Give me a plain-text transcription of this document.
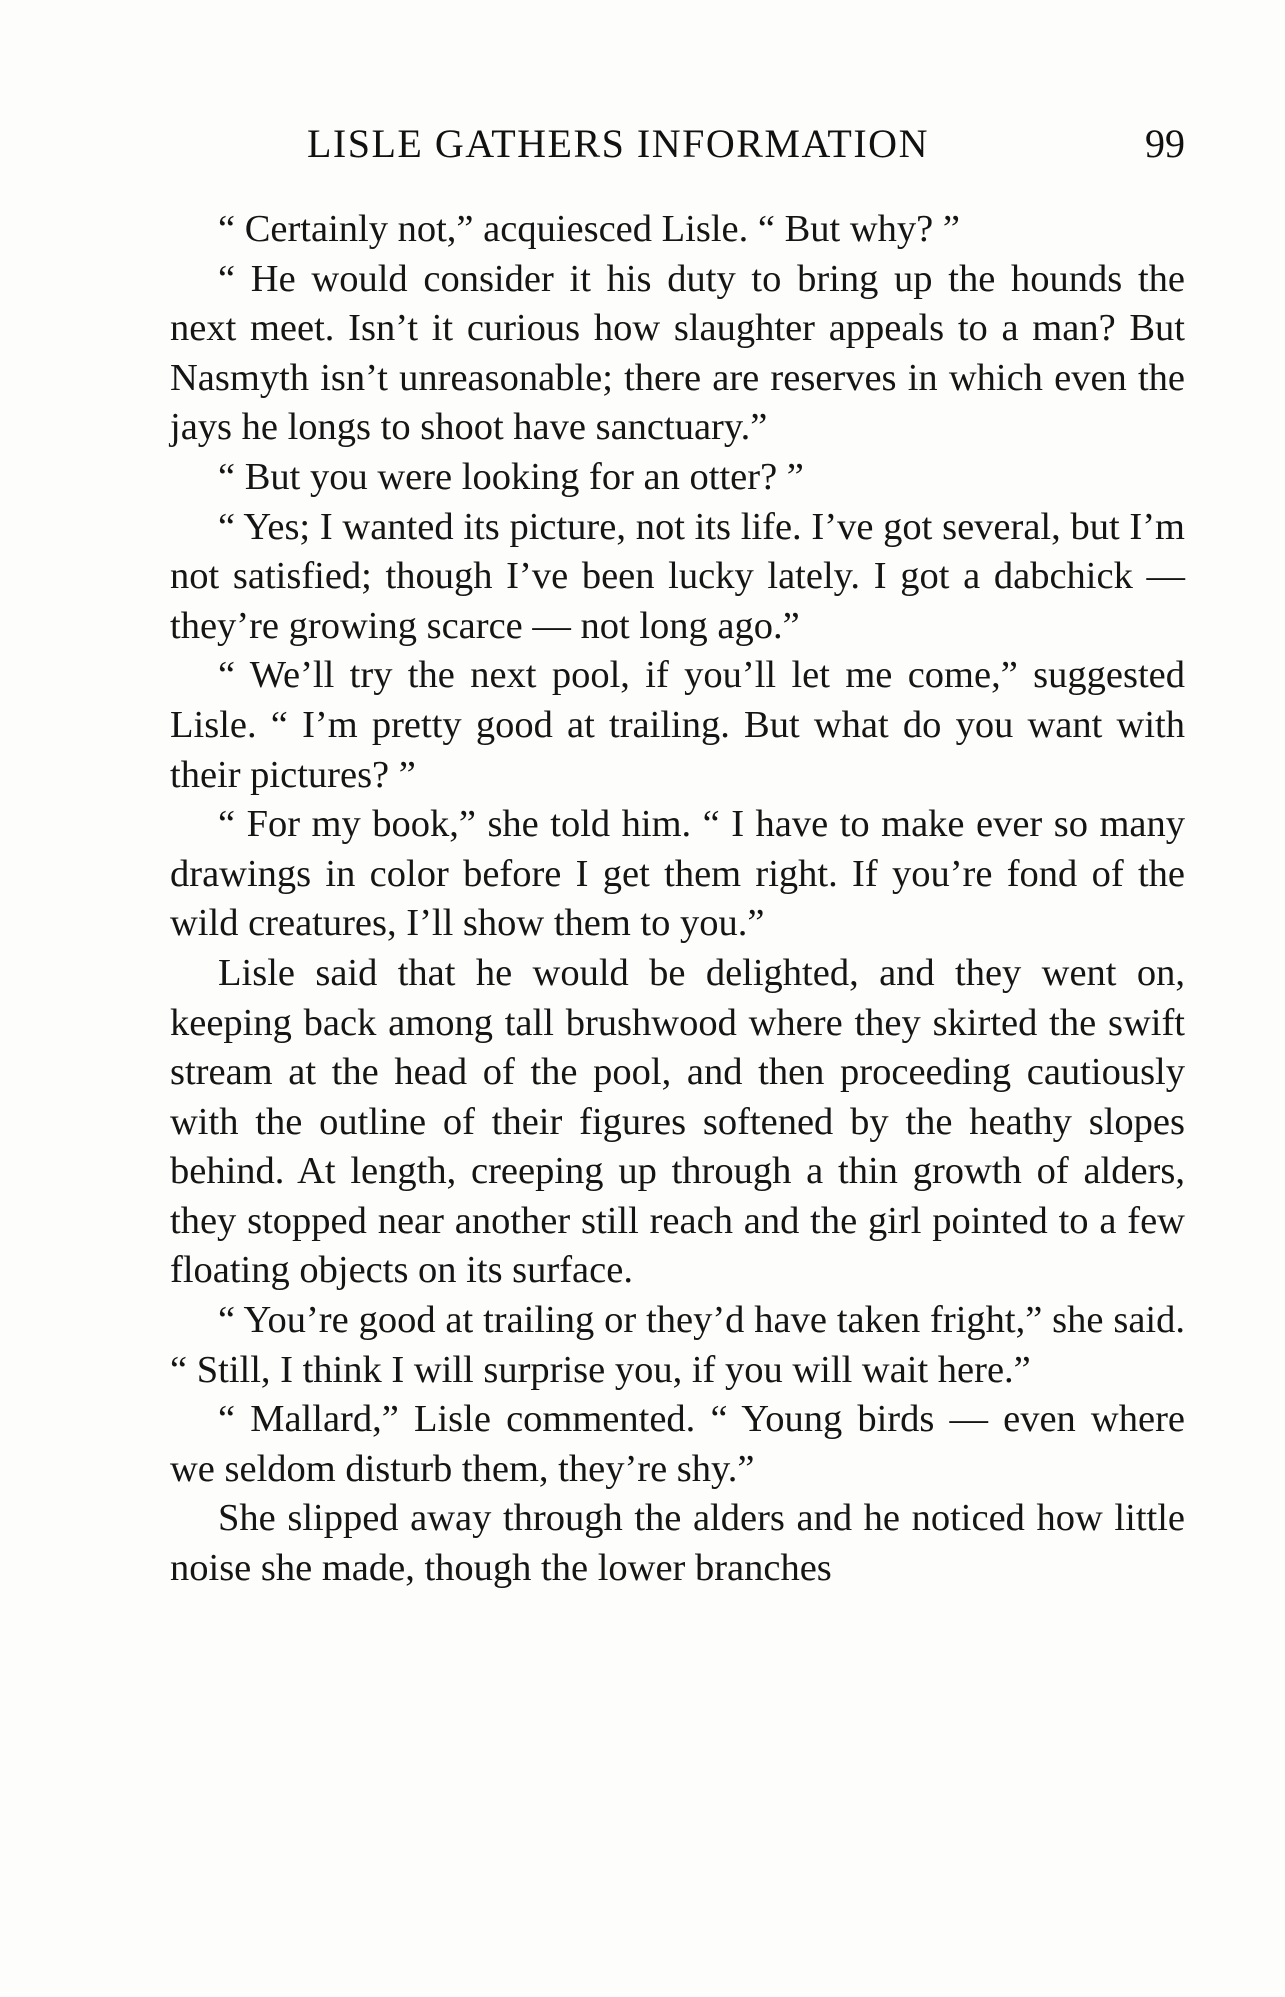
LISLE GATHERS INFORMATION	99

“ Certainly not,” acquiesced Lisle. “ But why? ”

“ He would consider it his duty to bring up the hounds the next meet. Isn’t it curious how slaughter appeals to a man? But Nasmyth isn’t unreasonable; there are reserves in which even the jays he longs to shoot have sanctuary.”

“ But you were looking for an otter? ”

“ Yes; I wanted its picture, not its life. I’ve got several, but I’m not satisfied; though I’ve been lucky lately. I got a dabchick — they’re growing scarce — not long ago.”

“ We’ll try the next pool, if you’ll let me come,” suggested Lisle. “ I’m pretty good at trailing. But what do you want with their pictures? ”

“ For my book,” she told him. “ I have to make ever so many drawings in color before I get them right. If you’re fond of the wild creatures, I’ll show them to you.”

Lisle said that he would be delighted, and they went on, keeping back among tall brushwood where they skirted the swift stream at the head of the pool, and then proceeding cautiously with the outline of their figures softened by the heathy slopes behind. At length, creeping up through a thin growth of alders, they stopped near another still reach and the girl pointed to a few floating objects on its surface.

“ You’re good at trailing or they’d have taken fright,” she said. “ Still, I think I will surprise you, if you will wait here.”

“ Mallard,” Lisle commented. “ Young birds — even where we seldom disturb them, they’re shy.”

She slipped away through the alders and he noticed how little noise she made, though the lower branches
